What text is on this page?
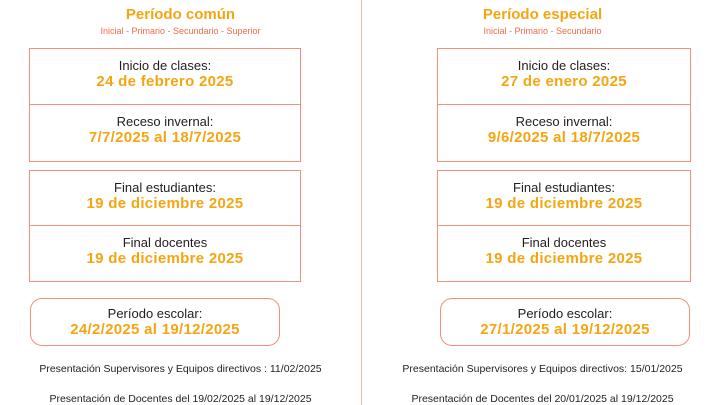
Período común
Inicial - Primario - Secundario - Superior
Inicio de clases:
24 de febrero 2025
Receso invernal:
7/7/2025 al 18/7/2025
Final estudiantes:
19 de diciembre 2025
Final docentes
19 de diciembre 2025
Período escolar:
24/2/2025 al 19/12/2025
Presentación Supervisores y Equipos directivos : 11/02/2025
Presentación de Docentes del 19/02/2025 al 19/12/2025
Período especial
Inicial - Primario - Secundario
Inicio de clases:
27 de enero 2025
Receso invernal:
9/6/2025 al 18/7/2025
Final estudiantes:
19 de diciembre 2025
Final docentes
19 de diciembre 2025
Período escolar:
27/1/2025 al 19/12/2025
Presentación Supervisores y Equipos directivos: 15/01/2025
Presentación de Docentes del 20/01/2025 al 19/12/2025
